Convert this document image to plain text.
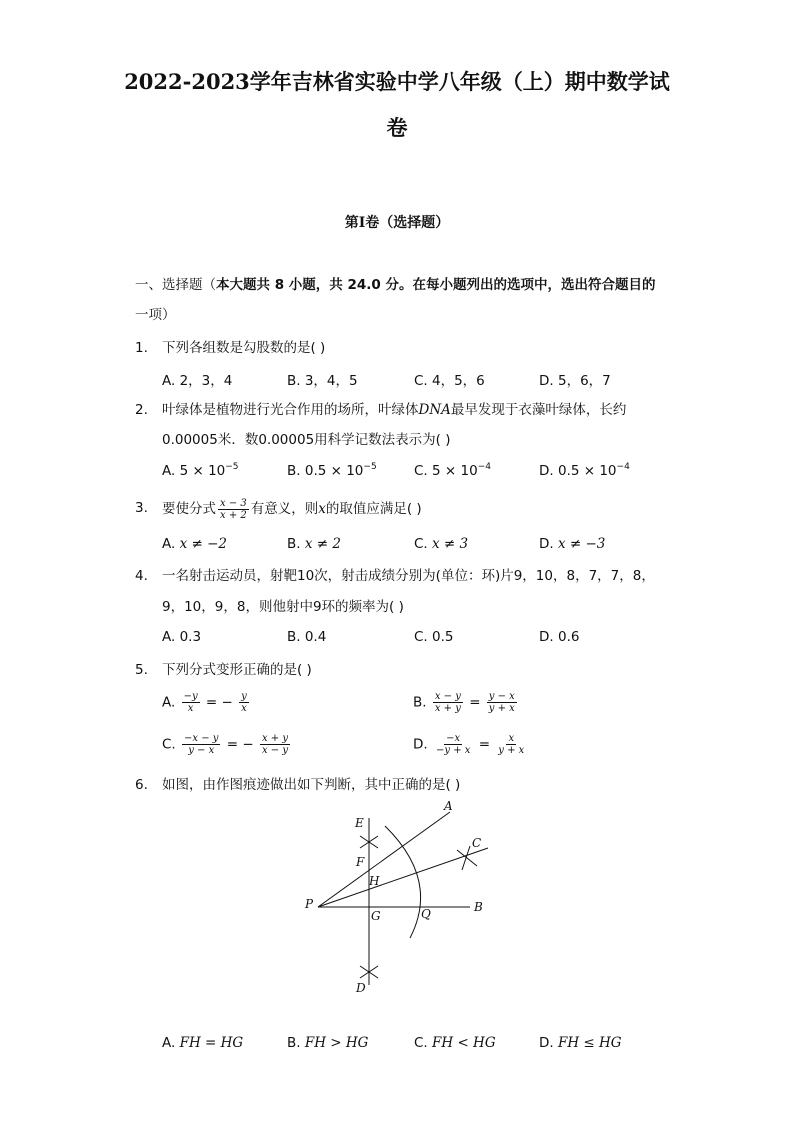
2022-2023学年吉林省实验中学八年级（上）期中数学试
卷
第Ⅰ卷（选择题）
一、选择题（本大题共 8 小题，共 24.0 分。在每小题列出的选项中，选出符合题目的
一项）
1. 下列各组数是勾股数的是( )
A. 2，3，4	B. 3，4，5	C. 4，5，6	D. 5，6，7
2. 叶绿体是植物进行光合作用的场所，叶绿体DNA最早发现于衣藻叶绿体，长约
0.00005米．数0.00005用科学记数法表示为( )
A. $5 \times 10^{-5}$	B. $0.5 \times 10^{-5}$	C. $5 \times 10^{-4}$	D. $0.5 \times 10^{-4}$
3. 要使分式 $\frac{x - 3}{x + 2}$ 有意义，则x的取值应满足( )
A. x ≠ −2	B. x ≠ 2	C. x ≠ 3	D. x ≠ −3
4. 一名射击运动员，射靶10次，射击成绩分别为(单位：环)片9，10，8，7，7，8，
9，10，9，8，则他射中9环的频率为( )
A. 0.3	B. 0.4	C. 0.5	D. 0.6
5. 下列分式变形正确的是( )
A. $\frac{-y}{x}$ = − $\frac{y}{x}$	B. $\frac{x - y}{x + y} = \frac{y - x}{y + x}$
C. $\frac{-x - y}{y - x}$ = − $\frac{x + y}{x - y}$	D. $\frac{-x}{-y + x} = \frac{x}{y + x}$
6. 如图，由作图痕迹做出如下判断，其中正确的是( )
A
B
C
D
E
F
G
H
P
Q
A. FH = HG	B. FH > HG	C. FH < HG	D. FH ≤ HG
